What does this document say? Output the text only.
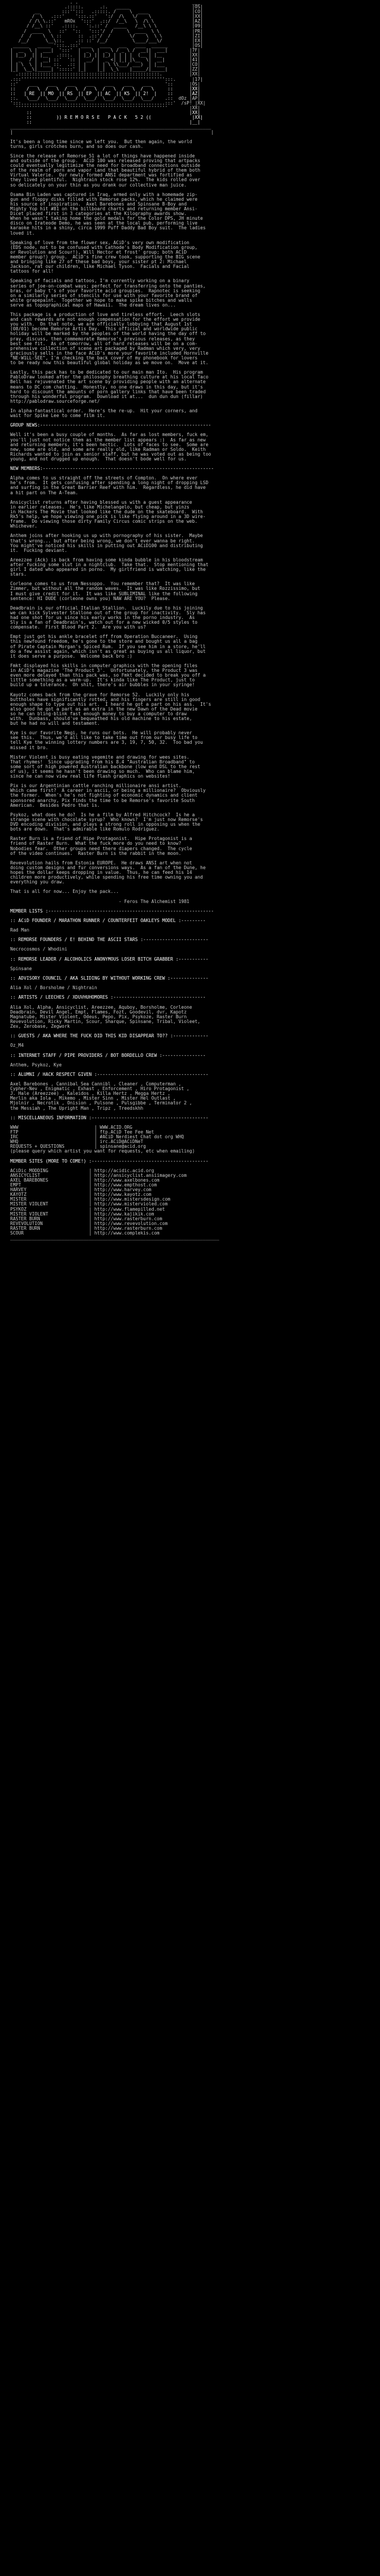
. .                                          ___
.:::::.      .:.   _____                       |OS|
__        :::'':::   .:::::. /     \  ____                |CO|
/  \   .:::'    ':::.::'   ':/  /\   \/    \               |XX|
/ /\ \.::'   mROx  ':::'  .::/  /__\   \  /\ \              |AZ|
/ /__\ ::'   .::::.   ':.::' /  _____   /__\ \ \             |09|
/  ____  \   ::'  '::   ':::'/  /     \  ____  \ \            |PR|
/  /    \  \ ::      ::  .::'/  /       \/    \  \ \           |ZI|
/__/      \__\::.    .:: ::' /__/         \____/___\/           |EX|
______   _____ ':::..:::'____   ____   ___   ____  ______         |OS|
|  __  \ |  ___|  ':::'  |  _ \ |  _ \ / _ \ /  __||  ___|        |7F|
| |__)  || |__   .::::.  | |_) || |_) | | | |  (__ | |__          |XX|
|  _   / |  __| ::'  ':: |  __/ |  _ <| |_| |\__  \|  __|         |41|
| | \  \ | |___ ::.  .:: | |    | | \ \\___/ ___)  | |___         |CO|
|_|  \__\|_____| ':::::' |_|    |_|  \_\    |_____/|_____|        |ZZ|
.::::::::::::::::::::::::::::::::::::::::::::::::::::.          |XX|
.:::''''''''''''''''''''''''''''''''''''''''''''''''''''':::.      |17|
::'    ___    ___    ___    ___    ___    ___    ___     '::      |OS|
::    /   \  /   \  /   \  /   \  /   \  /   \  /   \     ::      |XX|
::   | RE  || MO  || RS  || EP  || AC  || K5  || 2!  |    ::      |AZ|
::.   \___/  \___/  \___/  \___/  \___/  \___/  \___/    .::  dOz |AP|
':::.....................................................:::'  /sP! |XX|
''''''''''''''''''''''''''''''''''''''''''''''''''''''''        |XX|
::                                                          |XX|
::         )) R E M O R S E   P A C K   5 2 ((               |XX|
::                                                          |__|
__________________________________________________________________________
|                                                                         |
It's been a long time since we left you.  But then again, the world
turns, girls crotches burn, and so does our cash.
Since the release of Remorse 51 a lot of things have happened inside
and outside of the group.  ACiD 100 was released proving that artpacks
could eventually legitimize the need for broadband connections outside
of the realm of porn and vapor land that beautiful hybrid of them both
Virtual Valerie.  Our newly formed ANSI department was fortified as
they lived plentiful.  Nightrain stock rose 12%.  The kids rolled over
so delicately on your thin as you drank our collective man juice.
Osama Bin Laden was captured in Iraq, armed only with a homemade zip-
gun and floppy disks filled with Remorse packs, which he claimed were
his source of inspiration.  Axel Barebones and Spinsane B-Boy and
Mighty Yop hit #81 on the billboard charts and returning member Ansi-
Dicet placed first in 3 categories at the Kilography awards show.
When he wasn't taking home the gold medals for the Color DPS, JH minute
disco on Irateode Demo, he was seen at the local pub, performing live
karaoke hits in a shiny, circa 1999 Puff Daddy Bad Boy suit.  The ladies
loved it.
Speaking of love from the flower sex, ACiD's very own modification
(EDS node, not to be confused with Cathode's Body Modification group,
or Revolution and Scour!), Will Hector et frost' group; both ACiD
member group!) group.  ACiD's fine crew took, supporting the BIG scene
and bringing like 27 of these bad boys, your sister pt 2: Michael
Jackson, rat our children, like Michael Tyson.  Facials and Facial
tattoos for all!
Speaking of facials and tattoos, I'm currently working on a binary
series of joe-on-combat ways; perfect for transferring onto the panties,
bras, or baby t's of your favorite acid groupies.  Rapnotec is seeking
on a similarly series of stencils for use with your favorite brand of
white grapepaint.  Together we hope to make spike bitches and walls
serve as topographical maps of Hawaii.  The dream lives on...
This package is a production of love and tireless effort.  Leech slots
and cash rewards are not enough compensation for the effort we provide
you with.  On that note, we are officially lobbying that August 1st
(08/01) become Remorse Artis Day.  This official and worldwide public
holiday will be marked by the peoples of the world having the day off to
pray, discuss, then commemorate Remorse's previous releases, as they
best see fit.  As of tomorrow, all of hard releases will be on a com-
prehensive collection of scene art packaged by Radman which very, very
graciously sells in the face ACiD's more your favorite included Hornville
"NE-W1LL-SEE", I'm checking the back cover of my phonebook for lovers
to be ready now this beautiful global holiday as we move on.  Move at it.
Lastly, this pack has to be dedicated to our main man Ito.  His program
PabloDraw looked after the philosophy breathing culture at his local Taco
Bell has rejuvenated the art scene by providing people with an alternate
means to DC com chatting.  Honestly, no one draws in this day, but it's
hard to discount the amounts of porn gallery links that have been traded
through his wonderful program.  Download it at...  dun dun dun (fillar)
http://pablodraw.sourceforge.net/
In alpha-fantastical order.  Here's the re-up.  Hit your corners, and
wait for Spike Lee to come film it.
GROUP NEWS:---------------------------------------------------------------
Well it's been a busy couple of months.  As far as lost members, fuck em,
you'll just not notice them as the member list appears :)  As far as new
and returning members, it's been hectic.  Lots of faces to see.  Some are
new, some are old, and some are really old, like Radman or Soldo.  Keith
Richards wanted to join as senior staff, but he was voted out as being too
young, and not drugged up enough.  That doesn't bode well for us.
NEW MEMBERS:---------------------------------------------------------------
Alpha comes to us straight off the streets of Compton.  On where ever
he's from.  It gets confusing after spending a long night of dropping LSD
and surfing in the Great Barrier Reef with him.  Regardless, he did have
a hit part on The A-Team.
Ansicyclist returns after having blessed us with a guest appearance
in earlier releases.  He's like Michelangelo, but cheap, but yinzs
in Hackers The Movie that looked like the dude on the skateboard.  With
Rk5's help, we hope viewing one pick is like flying around in a 3D wire-
frame.  Do viewing those dirty Family Circus comic strips on the web.
Whichever.
Anthem joins after hooking us up with pornography of his sister.  Maybe
that's wrong... but after being wrong, we don't ever wanna be right.
You might've noticed his skills in putting out ACiD100 and distributing
it.  Fucking deviant.
Areezzee (Ack) is back from having some kinda bubble in his bloodstream
after fucking some slut in a nightclub.  Take that.  Stop mentioning that
girl I dated who appeared in porno.  My girlfriend is watching, like the
stars.
Corleone comes to us from Nessoppo.  You remember that?  It was like
Zimmer, but without all the random waves.  It was like Rozzissimo, but
I must give credit for it.  It was like SUBLIMINAL like the following
sentence: HI DUDE (corleone owns you) NAW ARE YOU?  Please.
Deadbrain is our official Italian Stallion.  Luckily due to his joining
we can kick Sylvester Stallone out of the group for inactivity.  Sly has
had one shot for us since his early works in the porno industry.  As
Sly is a fan of Deadbrain's, watch out for a new wicked 0/5 styles to
compensate.  First Blood Part 2.  Are you with us?
Empt just got his ankle bracelet off from Operation Buccaneer.  Using
this newfound freedom, he's gone to the store and bought us all a bag
of Pirate Captain Morgan's Spiced Rum.  If you see him in a store, he'll
do a few assist again, which isn't as great as buying us all liquor, but
it does serve a purpose.  Welcome back bro :)
Fmkt displayed his skills in computer graphics with the opening files
in ACiD's magazine 'The Product 3'.  Unfortunately, the Product 3 was
even more delayed than this pack was, so Fmkt decided to break you off a
little something as a warm-up.  It's kinda like The Product, just to
build up a tolerance.  Oh shit, there's air bubbles in your syringe!
Kayotz comes back from the grave for Remorse 52.  Luckily only his
buttholes have significantly rotted, and his fingers are still in good
enough shape to type out his art.  I heard he got a part on his ass.  It's
also good he got a part as an extra in the new Dawn of the Dead movie
so he can bling-blink fast enough money to buy a computer to draw
with.  Dunbass, should've bequeathed his old machine to his estate,
but he had no will and testament.
Kye is our favorite Negi, he runs our bots.  He will probably never
see this.  Thus, we'd all like to take time out from our busy life to
tell Kye the winning lottery numbers are 3, 19, 7, 50, 32.  Too bad you
missed it bro.
Mister Violent is busy eating vegemite and drawing for wees sites.
That rhymes!  Since upgrading from his 8.4 "Australian Broadband" to
some sort of high powered Australian backbone (low end DSL to the rest
of us), it seems he hasn't been drawing so much.  Who can blame him,
since he can now view real life flash graphics on websites!
Pix is our Argentinian cattle ranching millionaire ansi artist.
Which came first?  A career in ascii, or being a millionaire?  Obviously
the former.  When's he's not fighting of economic dynamics and client
sponsored anarchy, Pix finds the time to be Remorse's favorite South
American.  Besides Pedro that is.
Psykoz, what does he do?  Is he a film by Alfred Hitchcock?  Is he a
strange scene with chocolate syrup?  Who knows?  I'm just now Remorse's
DVD encoding division, and plays a strong roll in opposing us when the
bots are down.  That's admirable like Romulo Rodriguez.
Raster Burn is a friend of Hipe Protagonist.  Hipe Protagonist is a
friend of Raster Burn.  What the fuck more do you need to know?
Nobodies fear.  Other groups need there diapers changed.  The cycle
of the video continues.  Raster Burn is the rabbit in the moon.
Revevolution hails from Estonia EUROPE.  He draws ANSI art when not
doing custom designs and fur conversions ways.  As a fan of the Dune, he
hopes the dollar keeps dropping in value.  Thus, he can feed his 14
children more productively, while spending his free time owning you and
everything you draw.
That is all for now... Enjoy the pack...
- Feros The Alchemist 1981
MEMBER LISTS :-------------------------------------------------------------
:: ACiD FOUNDER / MARATHON RUNNER / COUNTERFEIT OAKLEYS MODEL :---------
Rad Man
:: REMORSE FOUNDERS / E! BEHIND THE ASCII STARS :------------------------
Necrocosmos / Whodini
:: REMORSE LEADER / ALCOHOLICS ANONYMOUS LOSER BITCH GRABBER :-----------
Spinsane
:: ADVISORY COUNCIL / AKA SLIDING BY WITHOUT WORKING CREW :--------------
Alia Xol / Borsholme / Nightrain
:: ARTISTS / LEECHES / XDUVHUHOMORES :----------------------------------
Alia Xol, Alpha, Ansicyclist, Areezzee, Aquboy, Borsholme, Corleone
Deadbrain, Devil Angel, Empt, Flames, Fozt, Goodevil, dvr, Kapotz
Magnatube, Mister Violent, Odeus, Pepo, Pix, Psykoze, Raster Burn
Revevolution, Ricky Martin, Scour, Sharque, Spinsane, Tribal, Violeet,
Zex, Zerobase, Zegwork
:: GUESTS / AKA WHERE THE FUCK DID THIS KID DISAPPEAR TO?? :-------------
Oz_M4
:: INTERNET STAFF / PIPE PROVIDERS / BOT BORDELLO CREW :----------------
Anthem, Psykoz, Kye
:: ALUMNI / HACK RESPECT GIVEN :-----------------------------------------
Axel Barebones , Cannibal Sea Cannibl , Cleaner , Computerman ,
Cypher-Nev , Enigmatic , Exhast , Enforcement , Hiro Protagonist ,
J. Hale (Areezzee) , Kaleidos , Killa Hertz , Megga Hertz ,
Merlin aka Iola , Mikemo , Mister Sinn , Mister Hel Outlast ,
Mjolnir , Necrotik , Onision , Pulsone , Pulsgibbe , Terminator 2 ,
the Messiah , The Upright Man , Tripz , Treedskhh
:: MISCELLANEOUS INFORMATION :-------------------------------------------
WWW                            | WWW.ACID.ORG
FTP                            | ftp.ACiD Tee Fee Net
IRC                            | #ACiD Nerdiest Chat dot org WHQ
WHQ                            | irc.ACiD@ACiDNeT
REQUESTS + QUESTIONS           | spinsane@acid.org
(please query which artist you want for requests, etc when emailing)
MEMBER SITES (MORE TO COME!) :-------------------------------------------
ACiDic MODDING               | http://acidic.acid.org
ANSICYCLIST                  | http://ansicyclist.ansiimagery.com
AXEL BAREBONES               | http://www.axelbones.com
EMPT                         | http://www.empthost.com
HARVEY                       | http://www.harvey.com
KAYOTZ                       | http://www.kayotz.com
MISTER                       | http://www.mistersdesign.com
MISTER VIOLENT               | http://www.mistervioled.com
PSYKOZ                       | http://www.flamepilled.net
MISTER VIOLENT               | http://www.kajikik.com
RASTER BURN                  | http://www.rasterburn.com
REVEVOLUTION                 | http://www.revevolution.com
RASTER BURN                  | http://www.rasterburn.com
SCOUR                        | http://www.complekis.com
_____________________________________________________________________________
